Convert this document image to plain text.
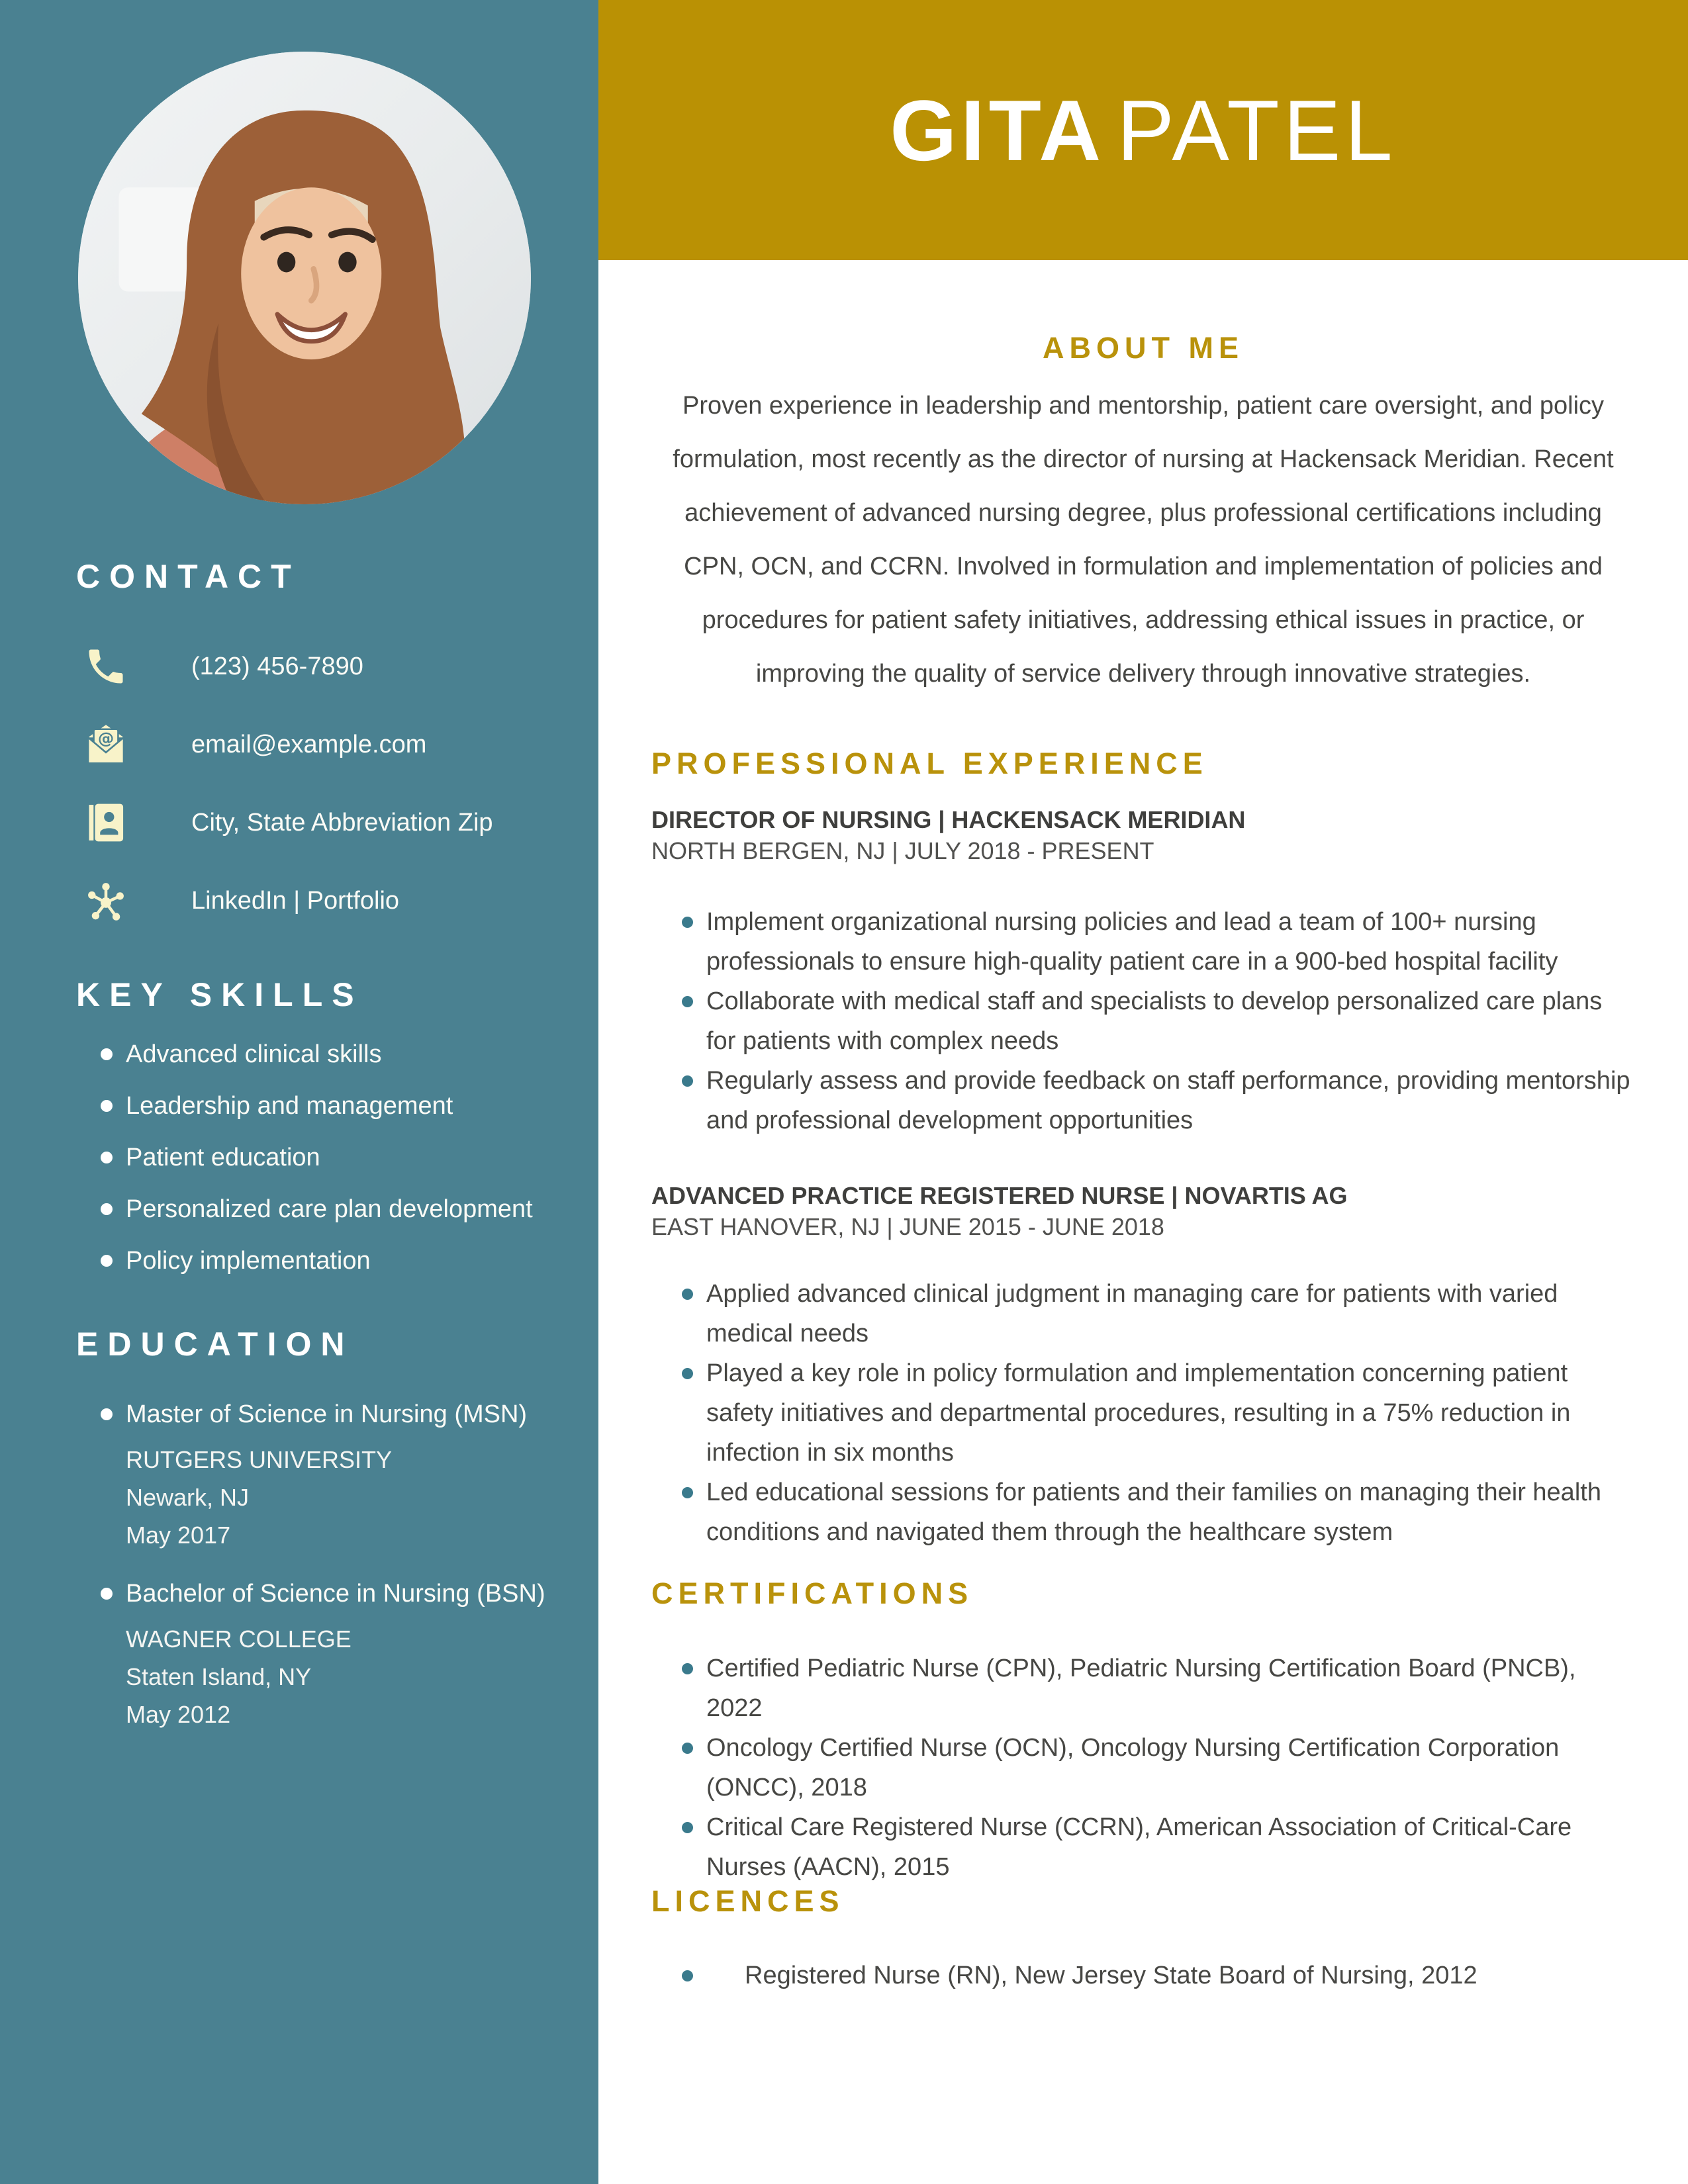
CONTACT
(123) 456-7890
@	email@example.com
City, State Abbreviation Zip
LinkedIn | Portfolio
KEY SKILLS
Advanced clinical skills
Leadership and management
Patient education
Personalized care plan development
Policy implementation
EDUCATION
Master of Science in Nursing (MSN)
RUTGERS UNIVERSITY
Newark, NJ
May 2017
Bachelor of Science in Nursing (BSN)
WAGNER COLLEGE
Staten Island, NY
May 2012
GITA PATEL
ABOUT ME
Proven experience in leadership and mentorship, patient care oversight, and policy formulation, most recently as the director of nursing at Hackensack Meridian. Recent achievement of advanced nursing degree, plus professional certifications including CPN, OCN, and CCRN. Involved in formulation and implementation of policies and procedures for patient safety initiatives, addressing ethical issues in practice, or improving the quality of service delivery through innovative strategies.
PROFESSIONAL EXPERIENCE
DIRECTOR OF NURSING | HACKENSACK MERIDIAN
NORTH BERGEN, NJ | JULY 2018 - PRESENT
Implement organizational nursing policies and lead a team of 100+ nursing professionals to ensure high-quality patient care in a 900-bed hospital facility
Collaborate with medical staff and specialists to develop personalized care plans for patients with complex needs
Regularly assess and provide feedback on staff performance, providing mentorship and professional development opportunities
ADVANCED PRACTICE REGISTERED NURSE | NOVARTIS AG
EAST HANOVER, NJ | JUNE 2015 - JUNE 2018
Applied advanced clinical judgment in managing care for patients with varied medical needs
Played a key role in policy formulation and implementation concerning patient safety initiatives and departmental procedures, resulting in a 75% reduction in infection in six months
Led educational sessions for patients and their families on managing their health conditions and navigated them through the healthcare system
CERTIFICATIONS
Certified Pediatric Nurse (CPN), Pediatric Nursing Certification Board (PNCB), 2022
Oncology Certified Nurse (OCN), Oncology Nursing Certification Corporation (ONCC), 2018
Critical Care Registered Nurse (CCRN), American Association of Critical-Care Nurses (AACN), 2015
LICENCES
Registered Nurse (RN), New Jersey State Board of Nursing, 2012
